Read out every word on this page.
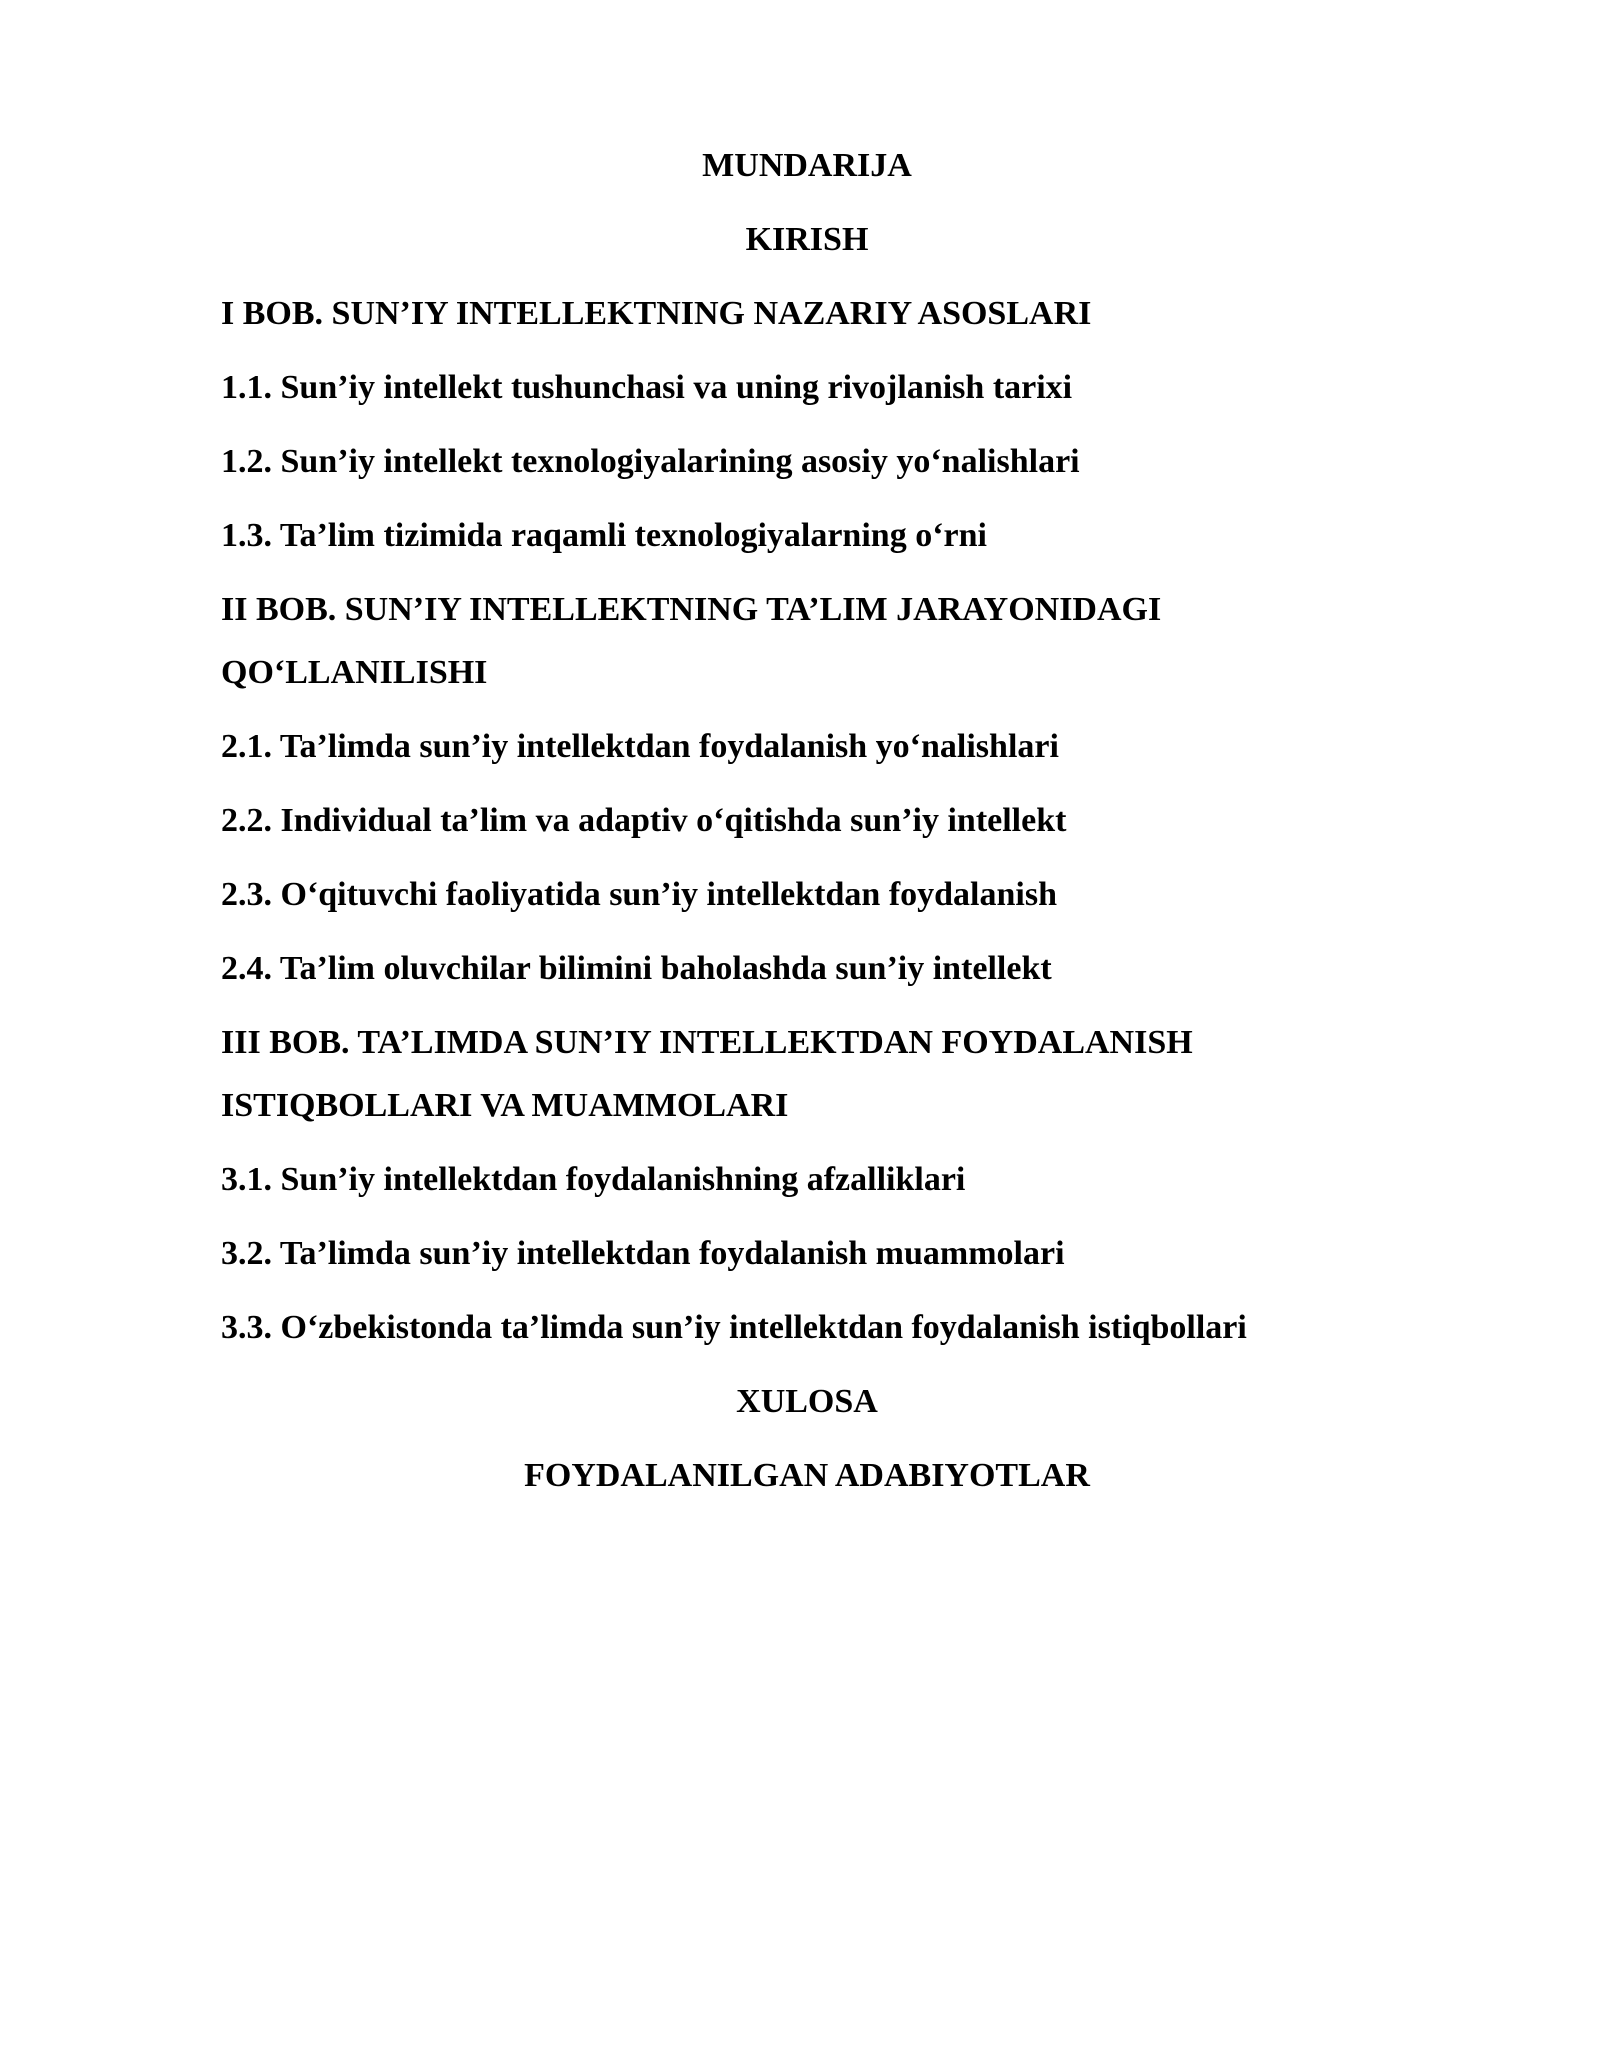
MUNDARIJA

KIRISH

I BOB. SUN’IY INTELLEKTNING NAZARIY ASOSLARI

1.1. Sun’iy intellekt tushunchasi va uning rivojlanish tarixi

1.2. Sun’iy intellekt texnologiyalarining asosiy yo‘nalishlari

1.3. Ta’lim tizimida raqamli texnologiyalarning o‘rni

II BOB. SUN’IY INTELLEKTNING TA’LIM JARAYONIDAGI

QO‘LLANILISHI

2.1. Ta’limda sun’iy intellektdan foydalanish yo‘nalishlari

2.2. Individual ta’lim va adaptiv o‘qitishda sun’iy intellekt

2.3. O‘qituvchi faoliyatida sun’iy intellektdan foydalanish

2.4. Ta’lim oluvchilar bilimini baholashda sun’iy intellekt

III BOB. TA’LIMDA SUN’IY INTELLEKTDAN FOYDALANISH

ISTIQBOLLARI VA MUAMMOLARI

3.1. Sun’iy intellektdan foydalanishning afzalliklari

3.2. Ta’limda sun’iy intellektdan foydalanish muammolari

3.3. O‘zbekistonda ta’limda sun’iy intellektdan foydalanish istiqbollari

XULOSA

FOYDALANILGAN ADABIYOTLAR
